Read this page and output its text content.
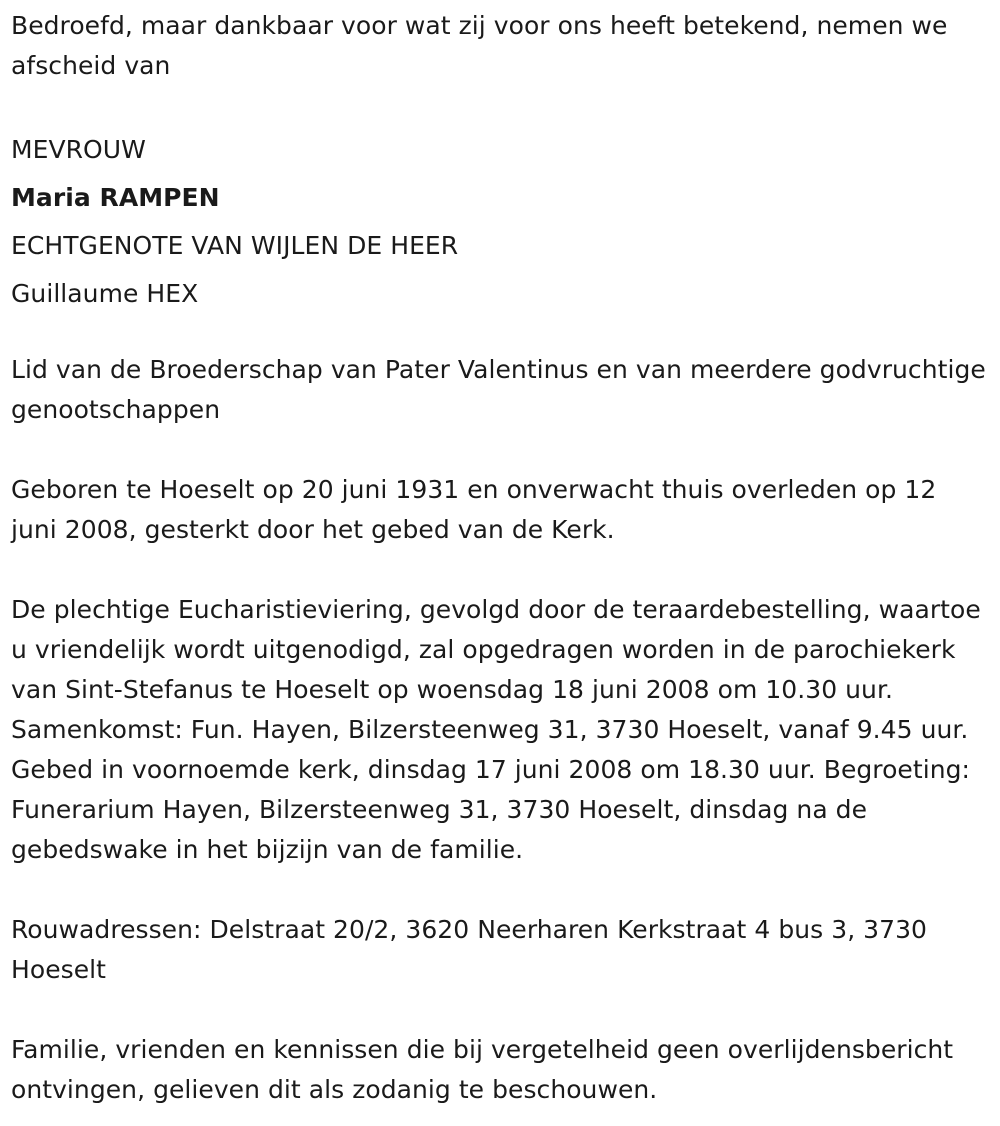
Bedroefd, maar dankbaar voor wat zij voor ons heeft betekend, nemen we afscheid van

MEVROUW

Maria RAMPEN

ECHTGENOTE VAN WIJLEN DE HEER

Guillaume HEX

Lid van de Broederschap van Pater Valentinus en van meerdere godvruchtige genootschappen

Geboren te Hoeselt op 20 juni 1931 en onverwacht thuis overleden op 12 juni 2008, gesterkt door het gebed van de Kerk.

De plechtige Eucharistieviering, gevolgd door de teraardebestelling, waartoe u vriendelijk wordt uitgenodigd, zal opgedragen worden in de parochiekerk van Sint-Stefanus te Hoeselt op woensdag 18 juni 2008 om 10.30 uur. Samenkomst: Fun. Hayen, Bilzersteenweg 31, 3730 Hoeselt, vanaf 9.45 uur. Gebed in voornoemde kerk, dinsdag 17 juni 2008 om 18.30 uur. Begroeting: Funerarium Hayen, Bilzersteenweg 31, 3730 Hoeselt, dinsdag na de gebedswake in het bijzijn van de familie.

Rouwadressen: Delstraat 20/2, 3620 Neerharen Kerkstraat 4 bus 3, 3730 Hoeselt

Familie, vrienden en kennissen die bij vergetelheid geen overlijdensbericht ontvingen, gelieven dit als zodanig te beschouwen.
